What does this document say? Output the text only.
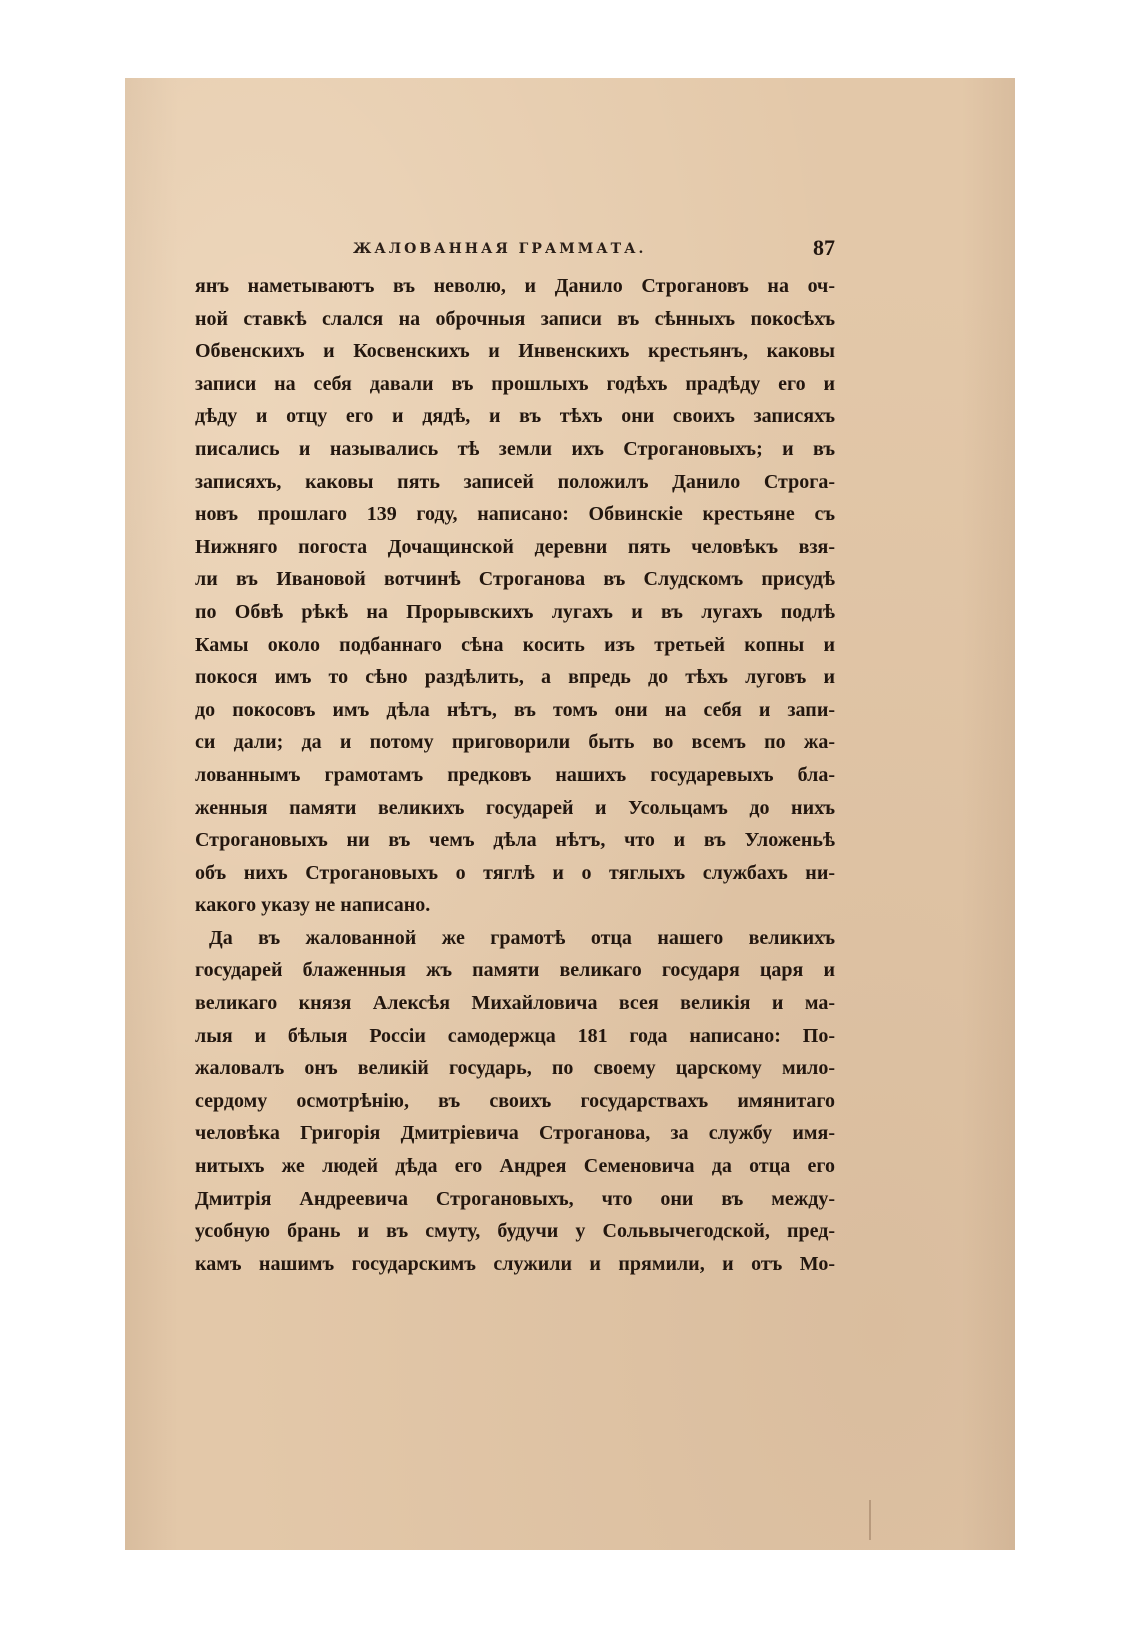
ЖАЛОВАННАЯ ГРАММАТА.	87
янъ наметываютъ въ неволю, и Данило Строгановъ на оч-
ной ставкѣ слался на оброчныя записи въ сѣнныхъ покосѣхъ
Обвенскихъ и Косвенскихъ и Инвенскихъ крестьянъ, каковы
записи на себя давали въ прошлыхъ годѣхъ прадѣду его и
дѣду и отцу его и дядѣ, и въ тѣхъ они своихъ записяхъ
писались и назывались тѣ земли ихъ Строгановыхъ; и въ
записяхъ, каковы пять записей положилъ Данило Строга-
новъ прошлаго 139 году, написано: Обвинскіе крестьяне съ
Нижняго погоста Дочащинской деревни пять человѣкъ взя-
ли въ Ивановой вотчинѣ Строганова въ Слудскомъ присудѣ
по Обвѣ рѣкѣ на Прорывскихъ лугахъ и въ лугахъ подлѣ
Камы около подбаннаго сѣна косить изъ третьей копны и
покося имъ то сѣно раздѣлить, а впредь до тѣхъ луговъ и
до покосовъ имъ дѣла нѣтъ, въ томъ они на себя и запи-
си дали; да и потому приговорили быть во всемъ по жа-
лованнымъ грамотамъ предковъ нашихъ государевыхъ бла-
женныя памяти великихъ государей и Усольцамъ до нихъ
Строгановыхъ ни въ чемъ дѣла нѣтъ, что и въ Уложеньѣ
объ нихъ Строгановыхъ о тяглѣ и о тяглыхъ службахъ ни-
какого указу не написано.
Да въ жалованной же грамотѣ отца нашего великихъ
государей блаженныя жъ памяти великаго государя царя и
великаго князя Алексѣя Михайловича всея великія и ма-
лыя и бѣлыя Россіи самодержца 181 года написано: По-
жаловалъ онъ великій государь, по своему царскому мило-
сердому осмотрѣнію, въ своихъ государствахъ имянитаго
человѣка Григорія Дмитріевича Строганова, за службу имя-
нитыхъ же людей дѣда его Андрея Семеновича да отца его
Дмитрія Андреевича Строгановыхъ, что они въ между-
усобную брань и въ смуту, будучи у Сольвычегодской, пред-
камъ нашимъ государскимъ служили и прямили, и отъ Мо-
